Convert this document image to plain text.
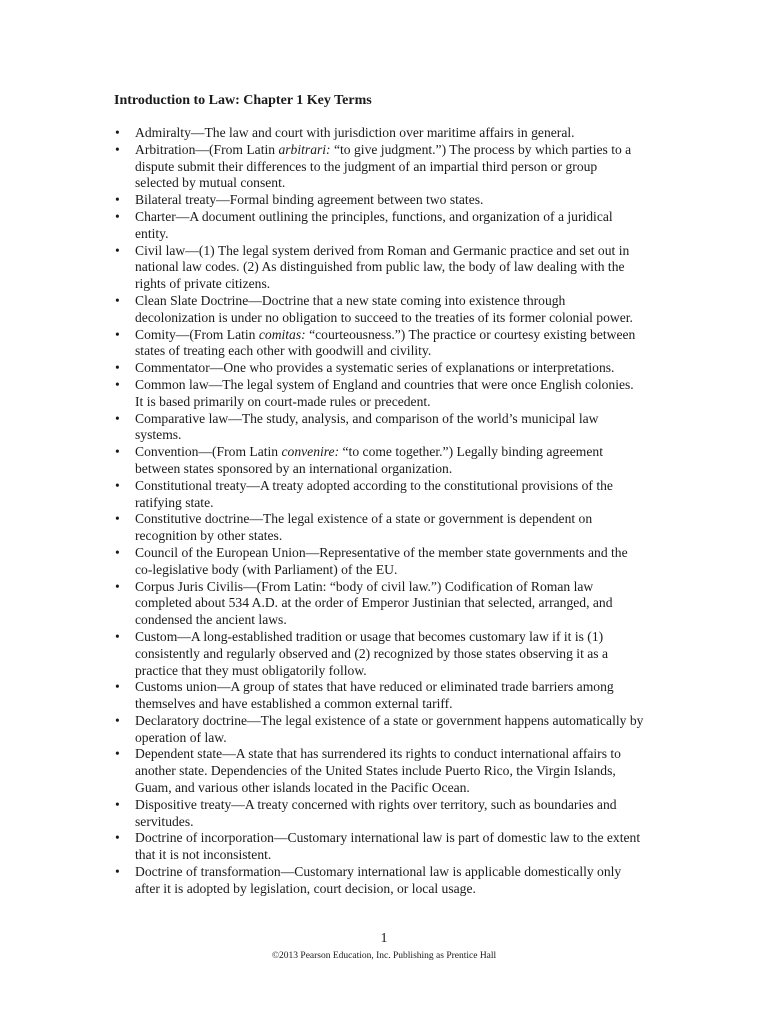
Introduction to Law: Chapter 1 Key Terms
• Admiralty—The law and court with jurisdiction over maritime affairs in general.
• Arbitration—(From Latin arbitrari: “to give judgment.”) The process by which parties to a dispute submit their differences to the judgment of an impartial third person or group selected by mutual consent.
• Bilateral treaty—Formal binding agreement between two states.
• Charter—A document outlining the principles, functions, and organization of a juridical entity.
• Civil law—(1) The legal system derived from Roman and Germanic practice and set out in national law codes. (2) As distinguished from public law, the body of law dealing with the rights of private citizens.
• Clean Slate Doctrine—Doctrine that a new state coming into existence through decolonization is under no obligation to succeed to the treaties of its former colonial power.
• Comity—(From Latin comitas: “courteousness.”) The practice or courtesy existing between states of treating each other with goodwill and civility.
• Commentator—One who provides a systematic series of explanations or interpretations.
• Common law—The legal system of England and countries that were once English colonies. It is based primarily on court-made rules or precedent.
• Comparative law—The study, analysis, and comparison of the world’s municipal law systems.
• Convention—(From Latin convenire: “to come together.”) Legally binding agreement between states sponsored by an international organization.
• Constitutional treaty—A treaty adopted according to the constitutional provisions of the ratifying state.
• Constitutive doctrine—The legal existence of a state or government is dependent on recognition by other states.
• Council of the European Union—Representative of the member state governments and the co-legislative body (with Parliament) of the EU.
• Corpus Juris Civilis—(From Latin: “body of civil law.”) Codification of Roman law completed about 534 A.D. at the order of Emperor Justinian that selected, arranged, and condensed the ancient laws.
• Custom—A long-established tradition or usage that becomes customary law if it is (1) consistently and regularly observed and (2) recognized by those states observing it as a practice that they must obligatorily follow.
• Customs union—A group of states that have reduced or eliminated trade barriers among themselves and have established a common external tariff.
• Declaratory doctrine—The legal existence of a state or government happens automatically by operation of law.
• Dependent state—A state that has surrendered its rights to conduct international affairs to another state. Dependencies of the United States include Puerto Rico, the Virgin Islands, Guam, and various other islands located in the Pacific Ocean.
• Dispositive treaty—A treaty concerned with rights over territory, such as boundaries and servitudes.
• Doctrine of incorporation—Customary international law is part of domestic law to the extent that it is not inconsistent.
• Doctrine of transformation—Customary international law is applicable domestically only after it is adopted by legislation, court decision, or local usage.
1
©2013 Pearson Education, Inc. Publishing as Prentice Hall
